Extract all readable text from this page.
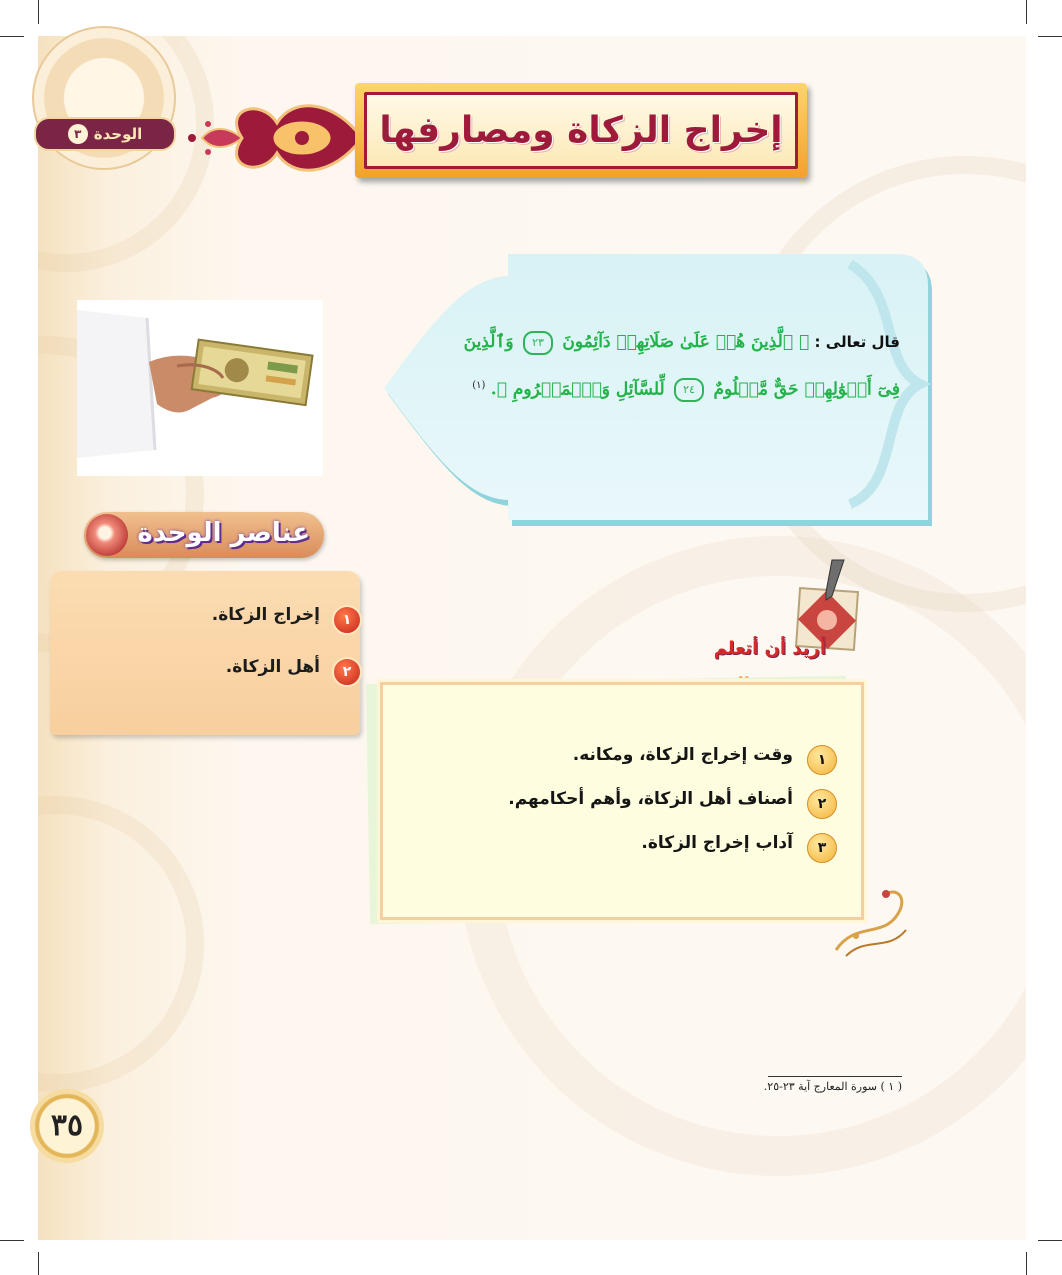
الوحدة
٣	إخراج الزكاة ومصارفها
قال تعالى : ﴿ ٱلَّذِينَ هُمۡ عَلَىٰ صَلَاتِهِمۡ دَآئِمُونَ ٢٣ وَٱلَّذِينَ
فِىٓ أَمۡوَٰلِهِمۡ حَقٌّ مَّعۡلُومٌ ٢٤ لِّلسَّآئِلِ وَٱلۡمَحۡرُومِ ﴾. $^{(١)}$
عناصر الوحدة
١
إخراج الزكاة.
٢
أهل الزكاة.
أريد أن أتعلم
١
وقت إخراج الزكاة، ومكانه.
٢
أصناف أهل الزكاة، وأهم أحكامهم.
٣
آداب إخراج الزكاة.
( ١ ) سورة المعارج آية ٢٣-٢٥.
٣٥
